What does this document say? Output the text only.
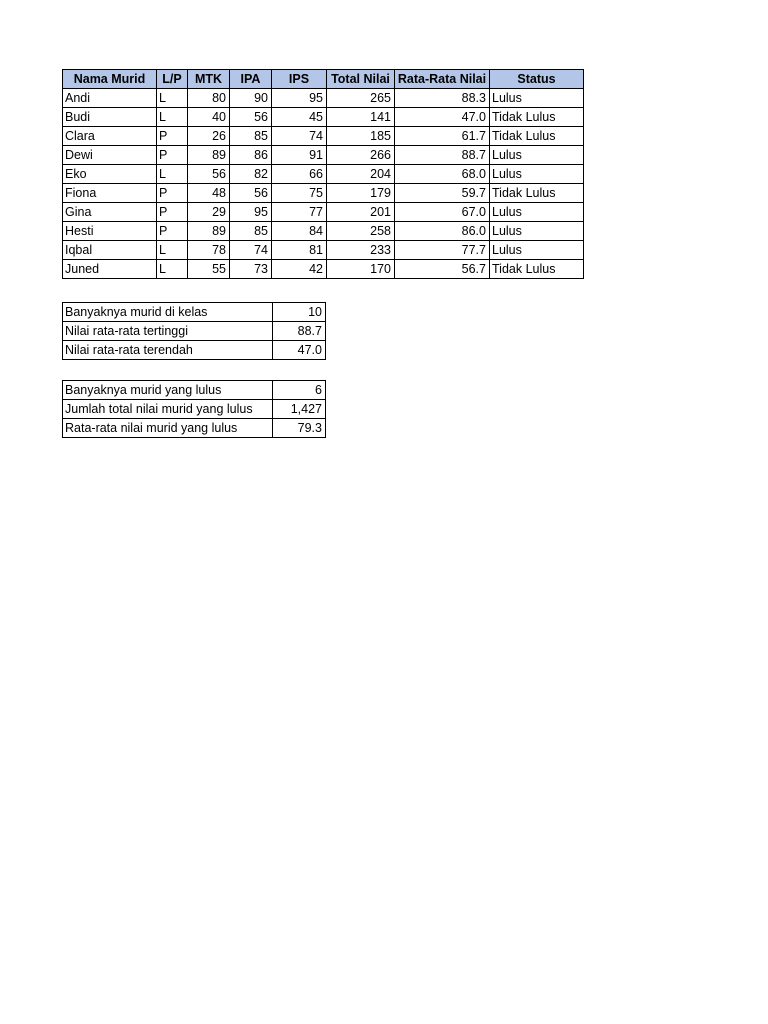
Nama Murid	L/P	MTK	IPA	IPS	Total Nilai	Rata-Rata Nilai	Status
Andi	L	80	90	95	265	88.3	Lulus
Budi	L	40	56	45	141	47.0	Tidak Lulus
Clara	P	26	85	74	185	61.7	Tidak Lulus
Dewi	P	89	86	91	266	88.7	Lulus
Eko	L	56	82	66	204	68.0	Lulus
Fiona	P	48	56	75	179	59.7	Tidak Lulus
Gina	P	29	95	77	201	67.0	Lulus
Hesti	P	89	85	84	258	86.0	Lulus
Iqbal	L	78	74	81	233	77.7	Lulus
Juned	L	55	73	42	170	56.7	Tidak Lulus
Banyaknya murid di kelas	10
Nilai rata-rata tertinggi	88.7
Nilai rata-rata terendah	47.0
Banyaknya murid yang lulus	6
Jumlah total nilai murid yang lulus	1,427
Rata-rata nilai murid yang lulus	79.3
